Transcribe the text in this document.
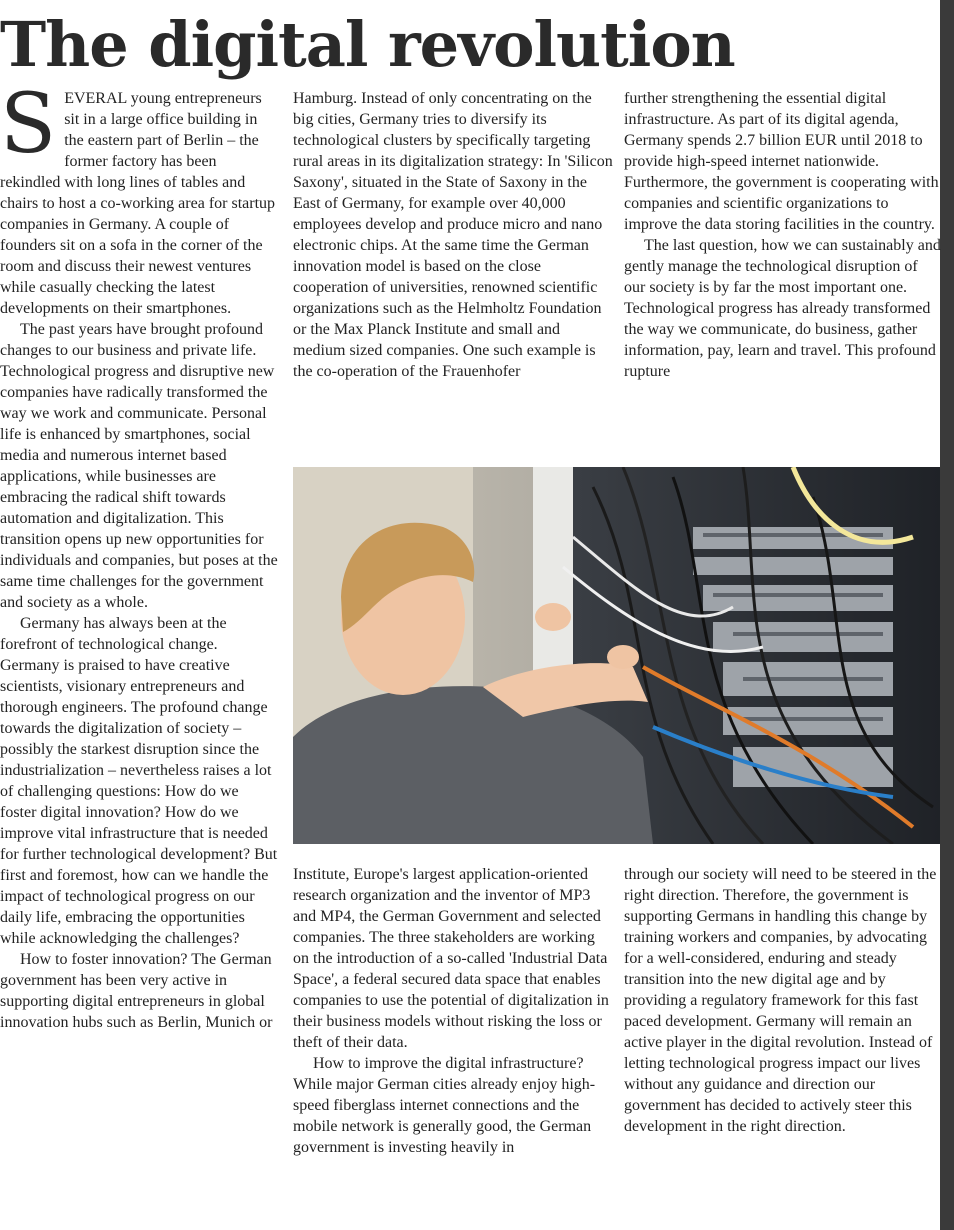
The digital revolution

SEVERAL young entrepreneurs sit in a large office building in the eastern part of Berlin – the former factory has been rekindled with long lines of tables and chairs to host a co-working area for startup companies in Germany. A couple of founders sit on a sofa in the corner of the room and discuss their newest ventures while casually checking the latest developments on their smartphones.

The past years have brought profound changes to our business and private life. Technological progress and disruptive new companies have radically transformed the way we work and communicate. Personal life is enhanced by smartphones, social media and numerous internet based applications, while businesses are embracing the radical shift towards automation and digitalization. This transition opens up new opportunities for individuals and companies, but poses at the same time challenges for the government and society as a whole.

Germany has always been at the forefront of technological change. Germany is praised to have creative scientists, visionary entrepreneurs and thorough engineers. The profound change towards the digitalization of society – possibly the starkest disruption since the industrialization – nevertheless raises a lot of challenging questions: How do we foster digital innovation? How do we improve vital infrastructure that is needed for further technological development? But first and foremost, how can we handle the impact of technological progress on our daily life, embracing the opportunities while acknowledging the challenges?

How to foster innovation? The German government has been very active in supporting digital entrepreneurs in global innovation hubs such as Berlin, Munich or

Hamburg. Instead of only concentrating on the big cities, Germany tries to diversify its technological clusters by specifically targeting rural areas in its digitalization strategy: In 'Silicon Saxony', situated in the State of Saxony in the East of Germany, for example over 40,000 employees develop and produce micro and nano electronic chips. At the same time the German innovation model is based on the close cooperation of universities, renowned scientific organizations such as the Helmholtz Foundation or the Max Planck Institute and small and medium sized companies. One such example is the co-operation of the Frauenhofer

further strengthening the essential digital infrastructure. As part of its digital agenda, Germany spends 2.7 billion EUR until 2018 to provide high-speed internet nationwide. Furthermore, the government is cooperating with companies and scientific organizations to improve the data storing facilities in the country.

The last question, how we can sustainably and gently manage the technological disruption of our society is by far the most important one. Technological progress has already transformed the way we communicate, do business, gather information, pay, learn and travel. This profound rupture

Institute, Europe's largest application-oriented research organization and the inventor of MP3 and MP4, the German Government and selected companies. The three stakeholders are working on the introduction of a so-called 'Industrial Data Space', a federal secured data space that enables companies to use the potential of digitalization in their business models without risking the loss or theft of their data.

How to improve the digital infrastructure? While major German cities already enjoy high-speed fiberglass internet connections and the mobile network is generally good, the German government is investing heavily in

through our society will need to be steered in the right direction. Therefore, the government is supporting Germans in handling this change by training workers and companies, by advocating for a well-considered, enduring and steady transition into the new digital age and by providing a regulatory framework for this fast paced development. Germany will remain an active player in the digital revolution. Instead of letting technological progress impact our lives without any guidance and direction our government has decided to actively steer this development in the right direction.
